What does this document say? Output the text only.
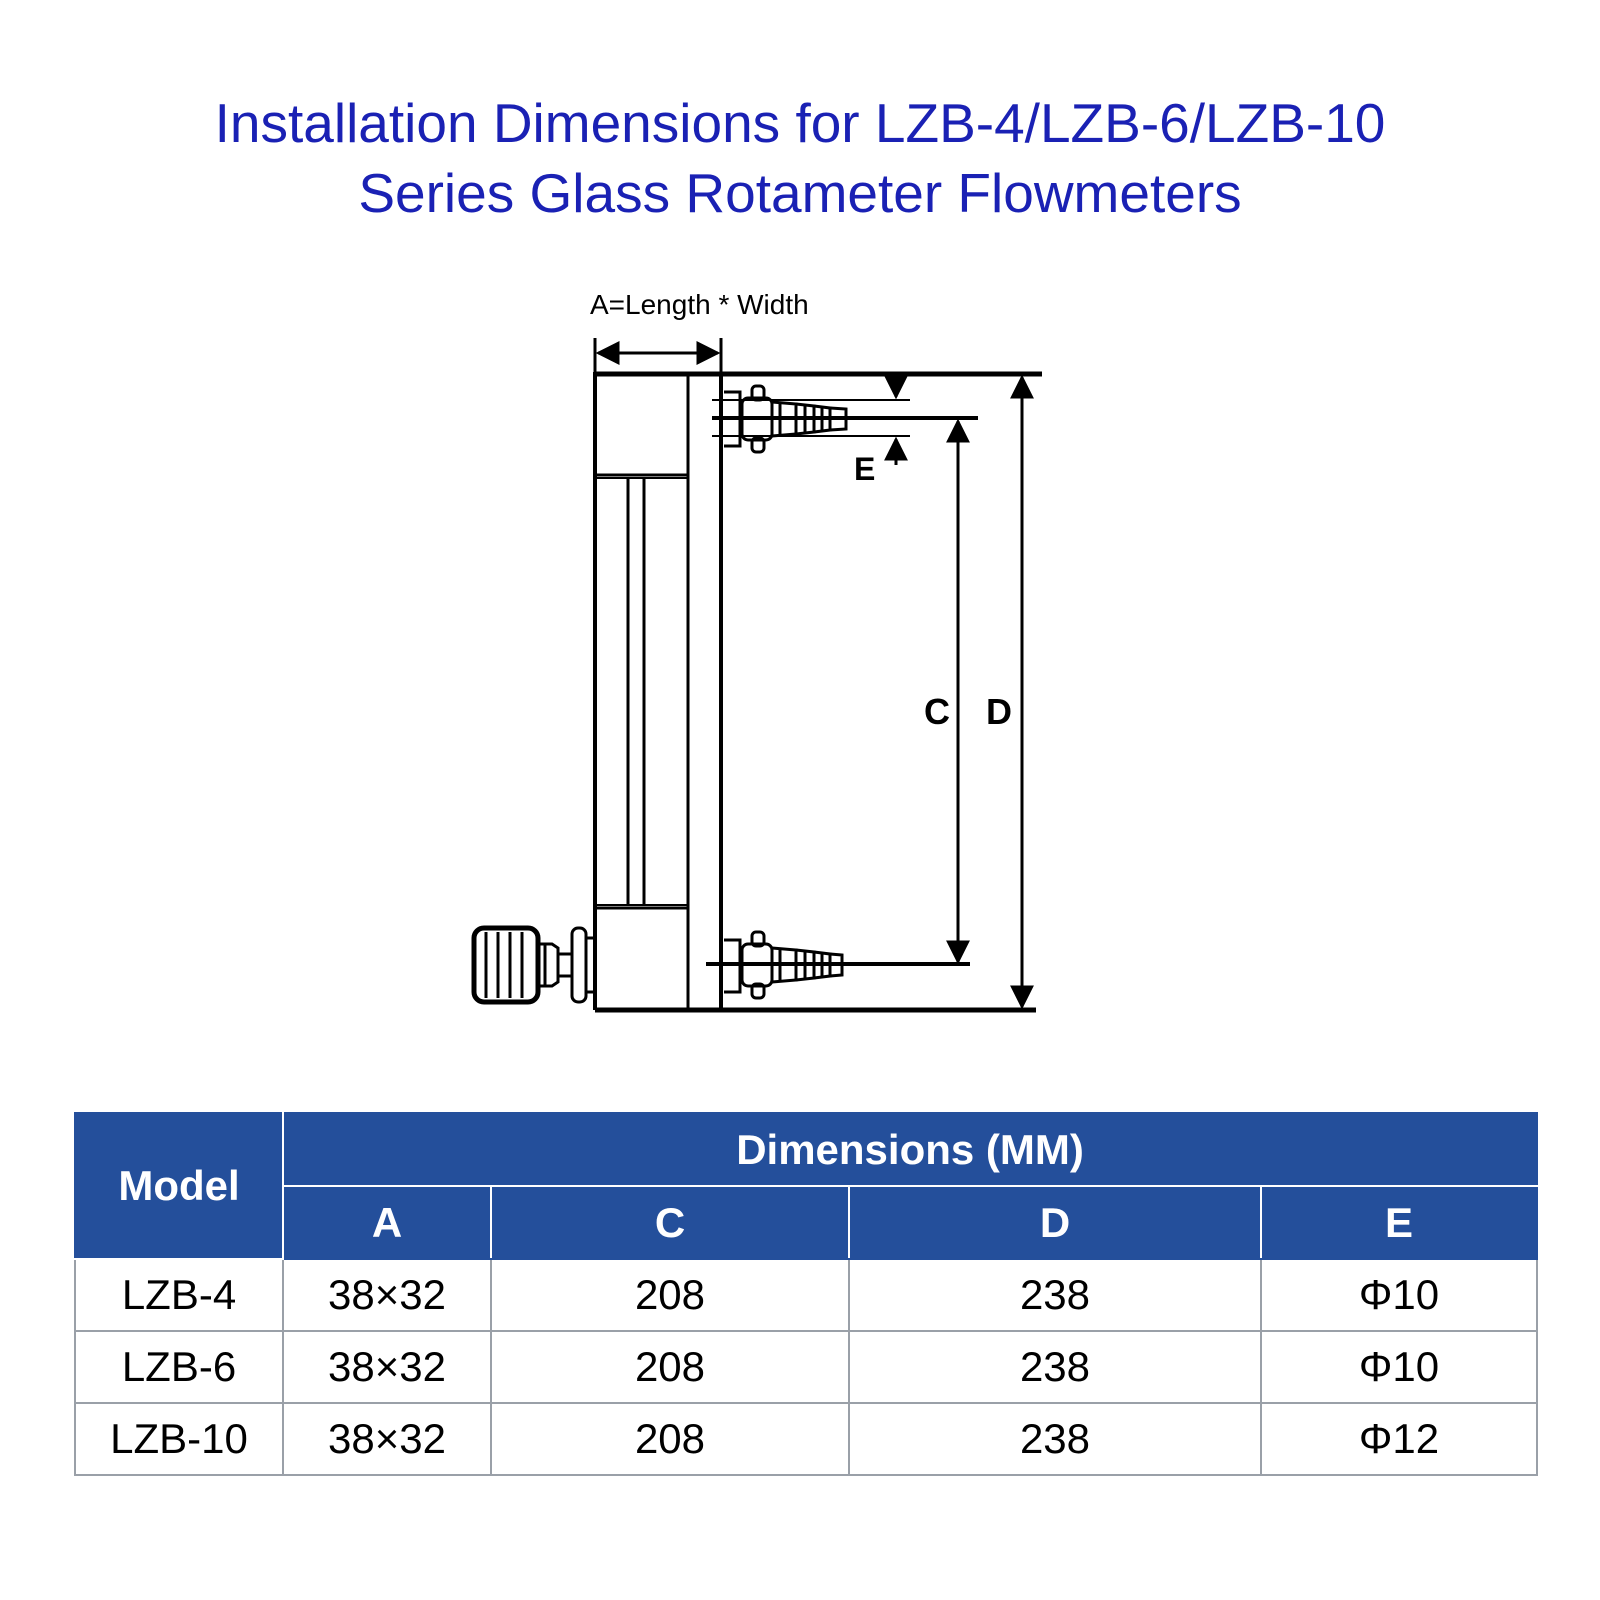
Installation Dimensions for LZB-4/LZB-6/LZB-10
Series Glass Rotameter Flowmeters
A=Length * Width
E
C D
Model	Dimensions (MM)			
	A	C	D	E
LZB-4	38×32	208	238	Φ10
LZB-6	38×32	208	238	Φ10
LZB-10	38×32	208	238	Φ12
